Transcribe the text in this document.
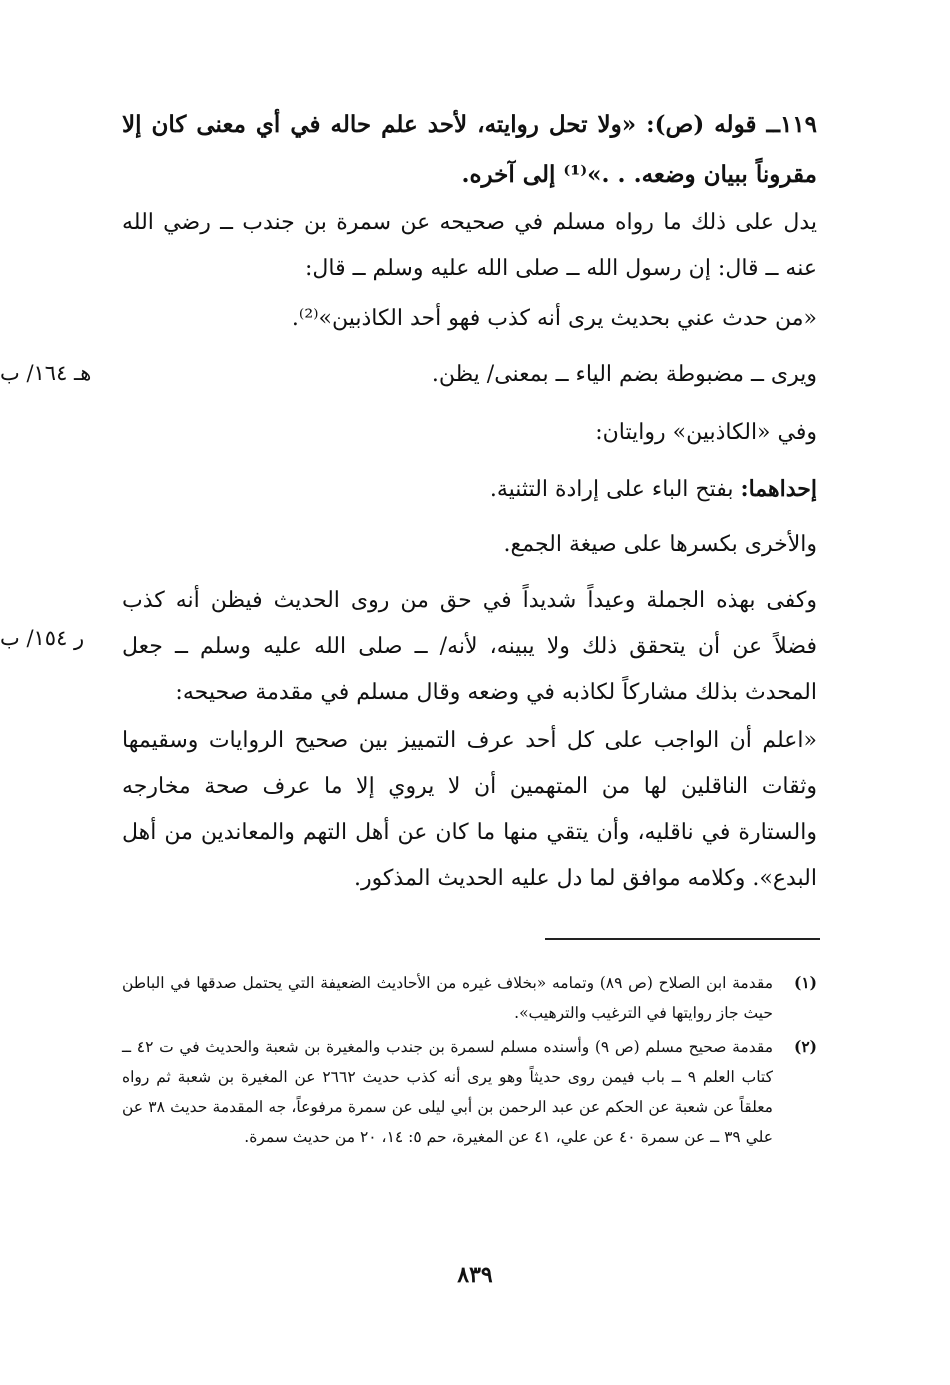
١١٩ــ قوله (ص): «ولا تحل روايته، لأحد علم حاله في أي معنى كان إلا مقروناً ببيان وضعه. . .»⁽¹⁾ إلى آخره.
يدل على ذلك ما رواه مسلم في صحيحه عن سمرة بن جندب ــ رضي الله عنه ــ قال: إن رسول الله ــ صلى الله عليه وسلم ــ قال:
«من حدث عني بحديث يرى أنه كذب فهو أحد الكاذبين»⁽²⁾.
ويرى ــ مضبوطة بضم الياء ــ بمعنى/ يظن.
وفي «الكاذبين» روايتان:
إحداهما: بفتح الباء على إرادة التثنية.
والأخرى بكسرها على صيغة الجمع.
وكفى بهذه الجملة وعيداً شديداً في حق من روى الحديث فيظن أنه كذب فضلاً عن أن يتحقق ذلك ولا يبينه، لأنه/ ــ صلى الله عليه وسلم ــ جعل المحدث بذلك مشاركاً لكاذبه في وضعه وقال مسلم في مقدمة صحيحه:
«اعلم أن الواجب على كل أحد عرف التمييز بين صحيح الروايات وسقيمها وثقات الناقلين لها من المتهمين أن لا يروي إلا ما عرف صحة مخارجه والستارة في ناقليه، وأن يتقي منها ما كان عن أهل التهم والمعاندين من أهل البدع». وكلامه موافق لما دل عليه الحديث المذكور.
هـ ١٦٤/ ب
ر ١٥٤/ ب
(١)
مقدمة ابن الصلاح (ص ٨٩) وتمامه «بخلاف غيره من الأحاديث الضعيفة التي يحتمل صدقها في الباطن حيث جاز روايتها في الترغيب والترهيب».
(٢)
مقدمة صحيح مسلم (ص ٩) وأسنده مسلم لسمرة بن جندب والمغيرة بن شعبة والحديث في ت ٤٢ ــ كتاب العلم ٩ ــ باب فيمن روى حديثاً وهو يرى أنه كذب حديث ٢٦٦٢ عن المغيرة بن شعبة ثم رواه معلقاً عن شعبة عن الحكم عن عبد الرحمن بن أبي ليلى عن سمرة مرفوعاً، جه المقدمة حديث ٣٨ عن علي ٣٩ ــ عن سمرة ٤٠ عن علي، ٤١ عن المغيرة، حم ٥: ١٤، ٢٠ من حديث سمرة.
٨٣٩
